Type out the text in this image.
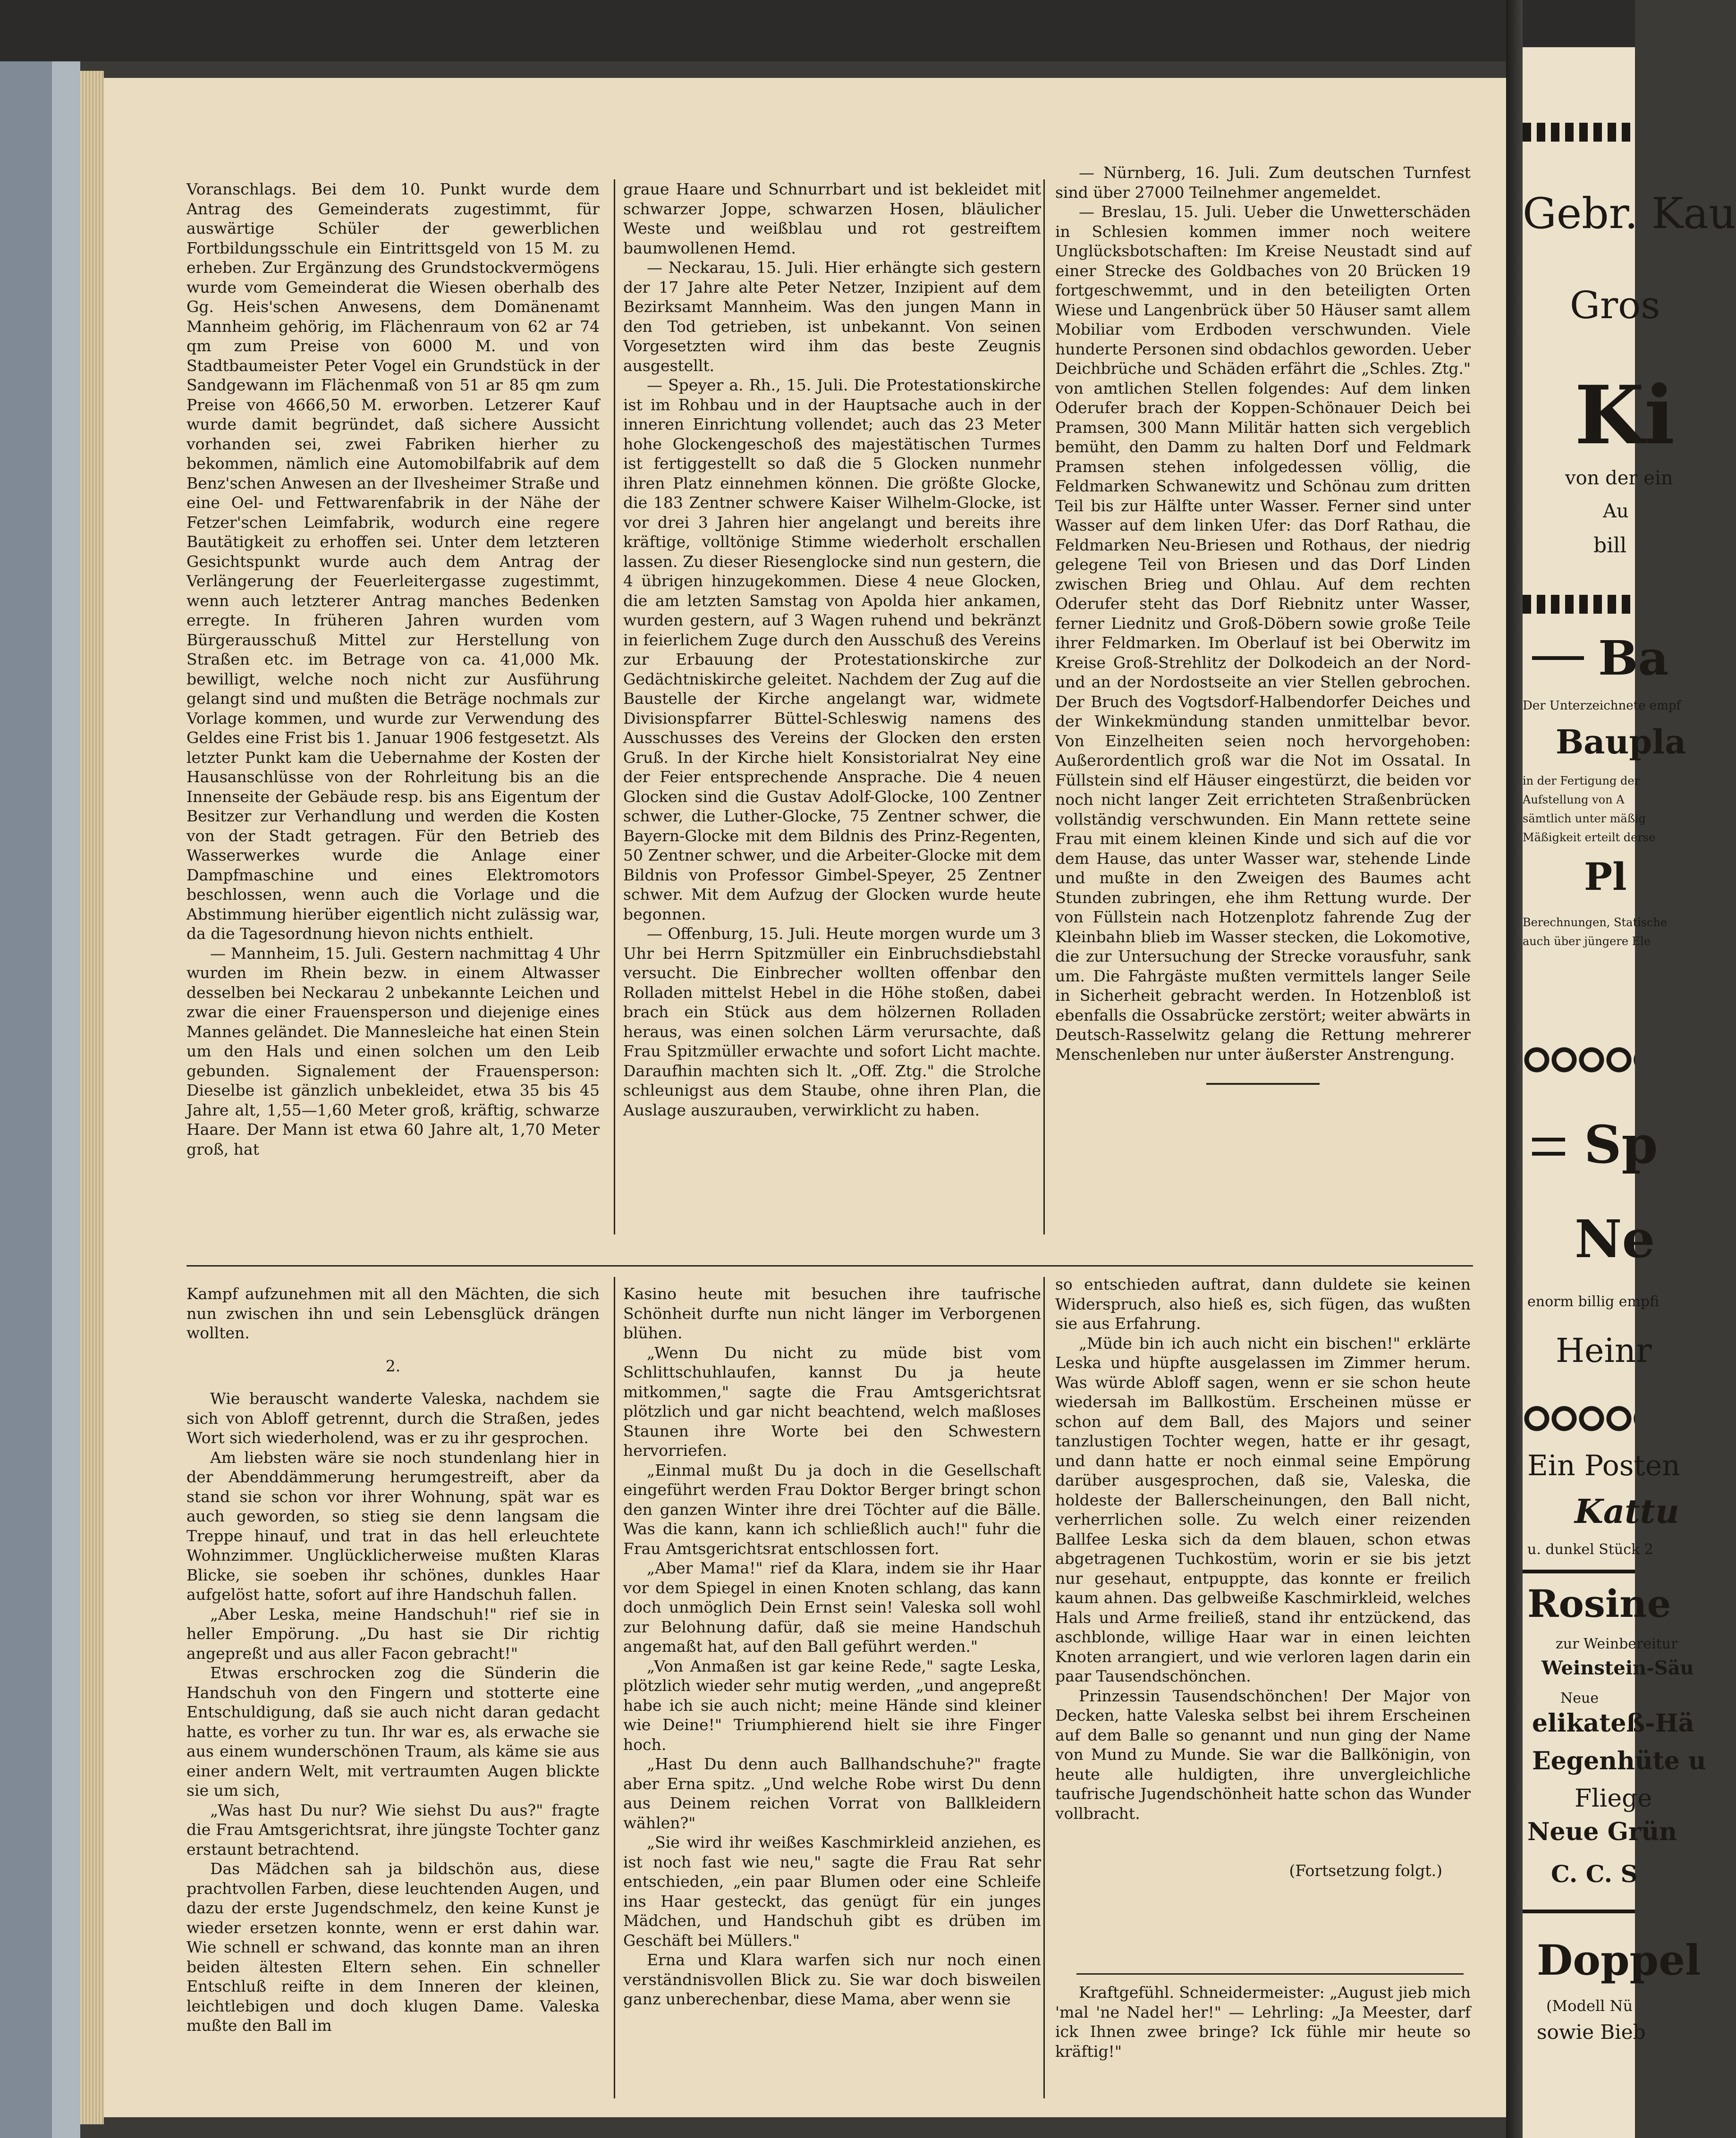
Voranschlags. Bei dem 10. Punkt wurde dem Antrag des Gemeinderats zugestimmt, für auswärtige Schüler der gewerblichen Fortbildungsschule ein Eintrittsgeld von 15 M. zu erheben. Zur Ergänzung des Grundstockvermögens wurde vom Gemeinderat die Wiesen oberhalb des Gg. Heis'schen Anwesens, dem Domänenamt Mannheim gehörig, im Flächenraum von 62 ar 74 qm zum Preise von 6000 M. und von Stadtbaumeister Peter Vogel ein Grundstück in der Sandgewann im Flächenmaß von 51 ar 85 qm zum Preise von 4666,50 M. erworben. Letzerer Kauf wurde damit begründet, daß sichere Aussicht vorhanden sei, zwei Fabriken hierher zu bekommen, nämlich eine Automobilfabrik auf dem Benz'schen Anwesen an der Ilvesheimer Straße und eine Oel- und Fettwarenfabrik in der Nähe der Fetzer'schen Leimfabrik, wodurch eine regere Bautätigkeit zu erhoffen sei. Unter dem letzteren Gesichtspunkt wurde auch dem Antrag der Verlängerung der Feuerleitergasse zugestimmt, wenn auch letzterer Antrag manches Bedenken erregte. In früheren Jahren wurden vom Bürgerausschuß Mittel zur Herstellung von Straßen etc. im Betrage von ca. 41,000 Mk. bewilligt, welche noch nicht zur Ausführung gelangt sind und mußten die Beträge nochmals zur Vorlage kommen, und wurde zur Verwendung des Geldes eine Frist bis 1. Januar 1906 festgesetzt. Als letzter Punkt kam die Uebernahme der Kosten der Hausanschlüsse von der Rohrleitung bis an die Innenseite der Gebäude resp. bis ans Eigentum der Besitzer zur Verhandlung und werden die Kosten von der Stadt getragen. Für den Betrieb des Wasserwerkes wurde die Anlage einer Dampfmaschine und eines Elektromotors beschlossen, wenn auch die Vorlage und die Abstimmung hierüber eigentlich nicht zulässig war, da die Tagesordnung hievon nichts enthielt.

— Mannheim, 15. Juli. Gestern nachmittag 4 Uhr wurden im Rhein bezw. in einem Altwasser desselben bei Neckarau 2 unbekannte Leichen und zwar die einer Frauensperson und diejenige eines Mannes geländet. Die Mannesleiche hat einen Stein um den Hals und einen solchen um den Leib gebunden. Signalement der Frauensperson: Dieselbe ist gänzlich unbekleidet, etwa 35 bis 45 Jahre alt, 1,55—1,60 Meter groß, kräftig, schwarze Haare. Der Mann ist etwa 60 Jahre alt, 1,70 Meter groß, hat

graue Haare und Schnurrbart und ist bekleidet mit schwarzer Joppe, schwarzen Hosen, bläulicher Weste und weißblau und rot gestreiftem baumwollenen Hemd.

— Neckarau, 15. Juli. Hier erhängte sich gestern der 17 Jahre alte Peter Netzer, Inzipient auf dem Bezirksamt Mannheim. Was den jungen Mann in den Tod getrieben, ist unbekannt. Von seinen Vorgesetzten wird ihm das beste Zeugnis ausgestellt.

— Speyer a. Rh., 15. Juli. Die Protestationskirche ist im Rohbau und in der Hauptsache auch in der inneren Einrichtung vollendet; auch das 23 Meter hohe Glockengeschoß des majestätischen Turmes ist fertiggestellt so daß die 5 Glocken nunmehr ihren Platz einnehmen können. Die größte Glocke, die 183 Zentner schwere Kaiser Wilhelm-Glocke, ist vor drei 3 Jahren hier angelangt und bereits ihre kräftige, volltönige Stimme wiederholt erschallen lassen. Zu dieser Riesenglocke sind nun gestern, die 4 übrigen hinzugekommen. Diese 4 neue Glocken, die am letzten Samstag von Apolda hier ankamen, wurden gestern, auf 3 Wagen ruhend und bekränzt in feierlichem Zuge durch den Ausschuß des Vereins zur Erbauung der Protestationskirche zur Gedächtniskirche geleitet. Nachdem der Zug auf die Baustelle der Kirche angelangt war, widmete Divisionspfarrer Büttel-Schleswig namens des Ausschusses des Vereins der Glocken den ersten Gruß. In der Kirche hielt Konsistorialrat Ney eine der Feier entsprechende Ansprache. Die 4 neuen Glocken sind die Gustav Adolf-Glocke, 100 Zentner schwer, die Luther-Glocke, 75 Zentner schwer, die Bayern-Glocke mit dem Bildnis des Prinz-Regenten, 50 Zentner schwer, und die Arbeiter-Glocke mit dem Bildnis von Professor Gimbel-Speyer, 25 Zentner schwer. Mit dem Aufzug der Glocken wurde heute begonnen.

— Offenburg, 15. Juli. Heute morgen wurde um 3 Uhr bei Herrn Spitzmüller ein Einbruchsdiebstahl versucht. Die Einbrecher wollten offenbar den Rolladen mittelst Hebel in die Höhe stoßen, dabei brach ein Stück aus dem hölzernen Rolladen heraus, was einen solchen Lärm verursachte, daß Frau Spitzmüller erwachte und sofort Licht machte. Daraufhin machten sich lt. „Off. Ztg." die Strolche schleunigst aus dem Staube, ohne ihren Plan, die Auslage auszurauben, verwirklicht zu haben.

— Nürnberg, 16. Juli. Zum deutschen Turnfest sind über 27000 Teilnehmer angemeldet.

— Breslau, 15. Juli. Ueber die Unwetterschäden in Schlesien kommen immer noch weitere Unglücksbotschaften: Im Kreise Neustadt sind auf einer Strecke des Goldbaches von 20 Brücken 19 fortgeschwemmt, und in den beteiligten Orten Wiese und Langenbrück über 50 Häuser samt allem Mobiliar vom Erdboden verschwunden. Viele hunderte Personen sind obdachlos geworden. Ueber Deichbrüche und Schäden erfährt die „Schles. Ztg." von amtlichen Stellen folgendes: Auf dem linken Oderufer brach der Koppen-Schönauer Deich bei Pramsen, 300 Mann Militär hatten sich vergeblich bemüht, den Damm zu halten Dorf und Feldmark Pramsen stehen infolgedessen völlig, die Feldmarken Schwanewitz und Schönau zum dritten Teil bis zur Hälfte unter Wasser. Ferner sind unter Wasser auf dem linken Ufer: das Dorf Rathau, die Feldmarken Neu-Briesen und Rothaus, der niedrig gelegene Teil von Briesen und das Dorf Linden zwischen Brieg und Ohlau. Auf dem rechten Oderufer steht das Dorf Riebnitz unter Wasser, ferner Liednitz und Groß-Döbern sowie große Teile ihrer Feldmarken. Im Oberlauf ist bei Oberwitz im Kreise Groß-Strehlitz der Dolkodeich an der Nord- und an der Nordostseite an vier Stellen gebrochen. Der Bruch des Vogtsdorf-Halbendorfer Deiches und der Winkekmündung standen unmittelbar bevor. Von Einzelheiten seien noch hervorgehoben: Außerordentlich groß war die Not im Ossatal. In Füllstein sind elf Häuser eingestürzt, die beiden vor noch nicht langer Zeit errichteten Straßenbrücken vollständig verschwunden. Ein Mann rettete seine Frau mit einem kleinen Kinde und sich auf die vor dem Hause, das unter Wasser war, stehende Linde und mußte in den Zweigen des Baumes acht Stunden zubringen, ehe ihm Rettung wurde. Der von Füllstein nach Hotzenplotz fahrende Zug der Kleinbahn blieb im Wasser stecken, die Lokomotive, die zur Untersuchung der Strecke vorausfuhr, sank um. Die Fahrgäste mußten vermittels langer Seile in Sicherheit gebracht werden. In Hotzenbloß ist ebenfalls die Ossabrücke zerstört; weiter abwärts in Deutsch-Rasselwitz gelang die Rettung mehrerer Menschenleben nur unter äußerster Anstrengung.

Kampf aufzunehmen mit all den Mächten, die sich nun zwischen ihn und sein Lebensglück drängen wollten.

2.

Wie berauscht wanderte Valeska, nachdem sie sich von Abloff getrennt, durch die Straßen, jedes Wort sich wiederholend, was er zu ihr gesprochen.

Am liebsten wäre sie noch stundenlang hier in der Abenddämmerung herumgestreift, aber da stand sie schon vor ihrer Wohnung, spät war es auch geworden, so stieg sie denn langsam die Treppe hinauf, und trat in das hell erleuchtete Wohnzimmer. Unglücklicherweise mußten Klaras Blicke, sie soeben ihr schönes, dunkles Haar aufgelöst hatte, sofort auf ihre Handschuh fallen.

„Aber Leska, meine Handschuh!" rief sie in heller Empörung. „Du hast sie Dir richtig angepreßt und aus aller Facon gebracht!"

Etwas erschrocken zog die Sünderin die Handschuh von den Fingern und stotterte eine Entschuldigung, daß sie auch nicht daran gedacht hatte, es vorher zu tun. Ihr war es, als erwache sie aus einem wunderschönen Traum, als käme sie aus einer andern Welt, mit vertraumten Augen blickte sie um sich,

„Was hast Du nur? Wie siehst Du aus?" fragte die Frau Amtsgerichtsrat, ihre jüngste Tochter ganz erstaunt betrachtend.

Das Mädchen sah ja bildschön aus, diese prachtvollen Farben, diese leuchtenden Augen, und dazu der erste Jugendschmelz, den keine Kunst je wieder ersetzen konnte, wenn er erst dahin war. Wie schnell er schwand, das konnte man an ihren beiden ältesten Eltern sehen. Ein schneller Entschluß reifte in dem Inneren der kleinen, leichtlebigen und doch klugen Dame. Valeska mußte den Ball im

Kasino heute mit besuchen ihre taufrische Schönheit durfte nun nicht länger im Verborgenen blühen.

„Wenn Du nicht zu müde bist vom Schlittschuhlaufen, kannst Du ja heute mitkommen," sagte die Frau Amtsgerichtsrat plötzlich und gar nicht beachtend, welch maßloses Staunen ihre Worte bei den Schwestern hervorriefen.

„Einmal mußt Du ja doch in die Gesellschaft eingeführt werden Frau Doktor Berger bringt schon den ganzen Winter ihre drei Töchter auf die Bälle. Was die kann, kann ich schließlich auch!" fuhr die Frau Amtsgerichtsrat entschlossen fort.

„Aber Mama!" rief da Klara, indem sie ihr Haar vor dem Spiegel in einen Knoten schlang, das kann doch unmöglich Dein Ernst sein! Valeska soll wohl zur Belohnung dafür, daß sie meine Handschuh angemaßt hat, auf den Ball geführt werden."

„Von Anmaßen ist gar keine Rede," sagte Leska, plötzlich wieder sehr mutig werden, „und angepreßt habe ich sie auch nicht; meine Hände sind kleiner wie Deine!" Triumphierend hielt sie ihre Finger hoch.

„Hast Du denn auch Ballhandschuhe?" fragte aber Erna spitz. „Und welche Robe wirst Du denn aus Deinem reichen Vorrat von Ballkleidern wählen?"

„Sie wird ihr weißes Kaschmirkleid anziehen, es ist noch fast wie neu," sagte die Frau Rat sehr entschieden, „ein paar Blumen oder eine Schleife ins Haar gesteckt, das genügt für ein junges Mädchen, und Handschuh gibt es drüben im Geschäft bei Müllers."

Erna und Klara warfen sich nur noch einen verständnisvollen Blick zu. Sie war doch bisweilen ganz unberechenbar, diese Mama, aber wenn sie

so entschieden auftrat, dann duldete sie keinen Widerspruch, also hieß es, sich fügen, das wußten sie aus Erfahrung.

„Müde bin ich auch nicht ein bischen!" erklärte Leska und hüpfte ausgelassen im Zimmer herum. Was würde Abloff sagen, wenn er sie schon heute wiedersah im Ballkostüm. Erscheinen müsse er schon auf dem Ball, des Majors und seiner tanzlustigen Tochter wegen, hatte er ihr gesagt, und dann hatte er noch einmal seine Empörung darüber ausgesprochen, daß sie, Valeska, die holdeste der Ballerscheinungen, den Ball nicht, verherrlichen solle. Zu welch einer reizenden Ballfee Leska sich da dem blauen, schon etwas abgetragenen Tuchkostüm, worin er sie bis jetzt nur gesehaut, entpuppte, das konnte er freilich kaum ahnen. Das gelbweiße Kaschmirkleid, welches Hals und Arme freiließ, stand ihr entzückend, das aschblonde, willige Haar war in einen leichten Knoten arrangiert, und wie verloren lagen darin ein paar Tausendschönchen.

Prinzessin Tausendschönchen! Der Major von Decken, hatte Valeska selbst bei ihrem Erscheinen auf dem Balle so genannt und nun ging der Name von Mund zu Munde. Sie war die Ballkönigin, von heute alle huldigten, ihre unvergleichliche taufrische Jugendschönheit hatte schon das Wunder vollbracht.

(Fortsetzung folgt.)

Kraftgefühl. Schneidermeister: „August jieb mich 'mal 'ne Nadel her!" — Lehrling: „Ja Meester, darf ick Ihnen zwee bringe? Ick fühle mir heute so kräftig!"

Gebr. Kau
Gros
Ki
von der ein
Au
bill
Ba
Der Unterzeichnete empf
Baupla
in der Fertigung der
Aufstellung von A
sämtlich unter mäßig
Mäßigkeit erteilt derse
Pl
Berechnungen, Statische
auch über jüngere Ele
Sp
Ne
enorm billig empfi
Heinr
Ein Posten
Kattu
u. dunkel Stück 2
Rosine
zur Weinbereitur
Weinstein-Säu
Neue
elikateß-Hä
Eegenhüte u
Fliege
Neue Grün
C. C. S
Doppel
(Modell Nü
sowie Bieb
